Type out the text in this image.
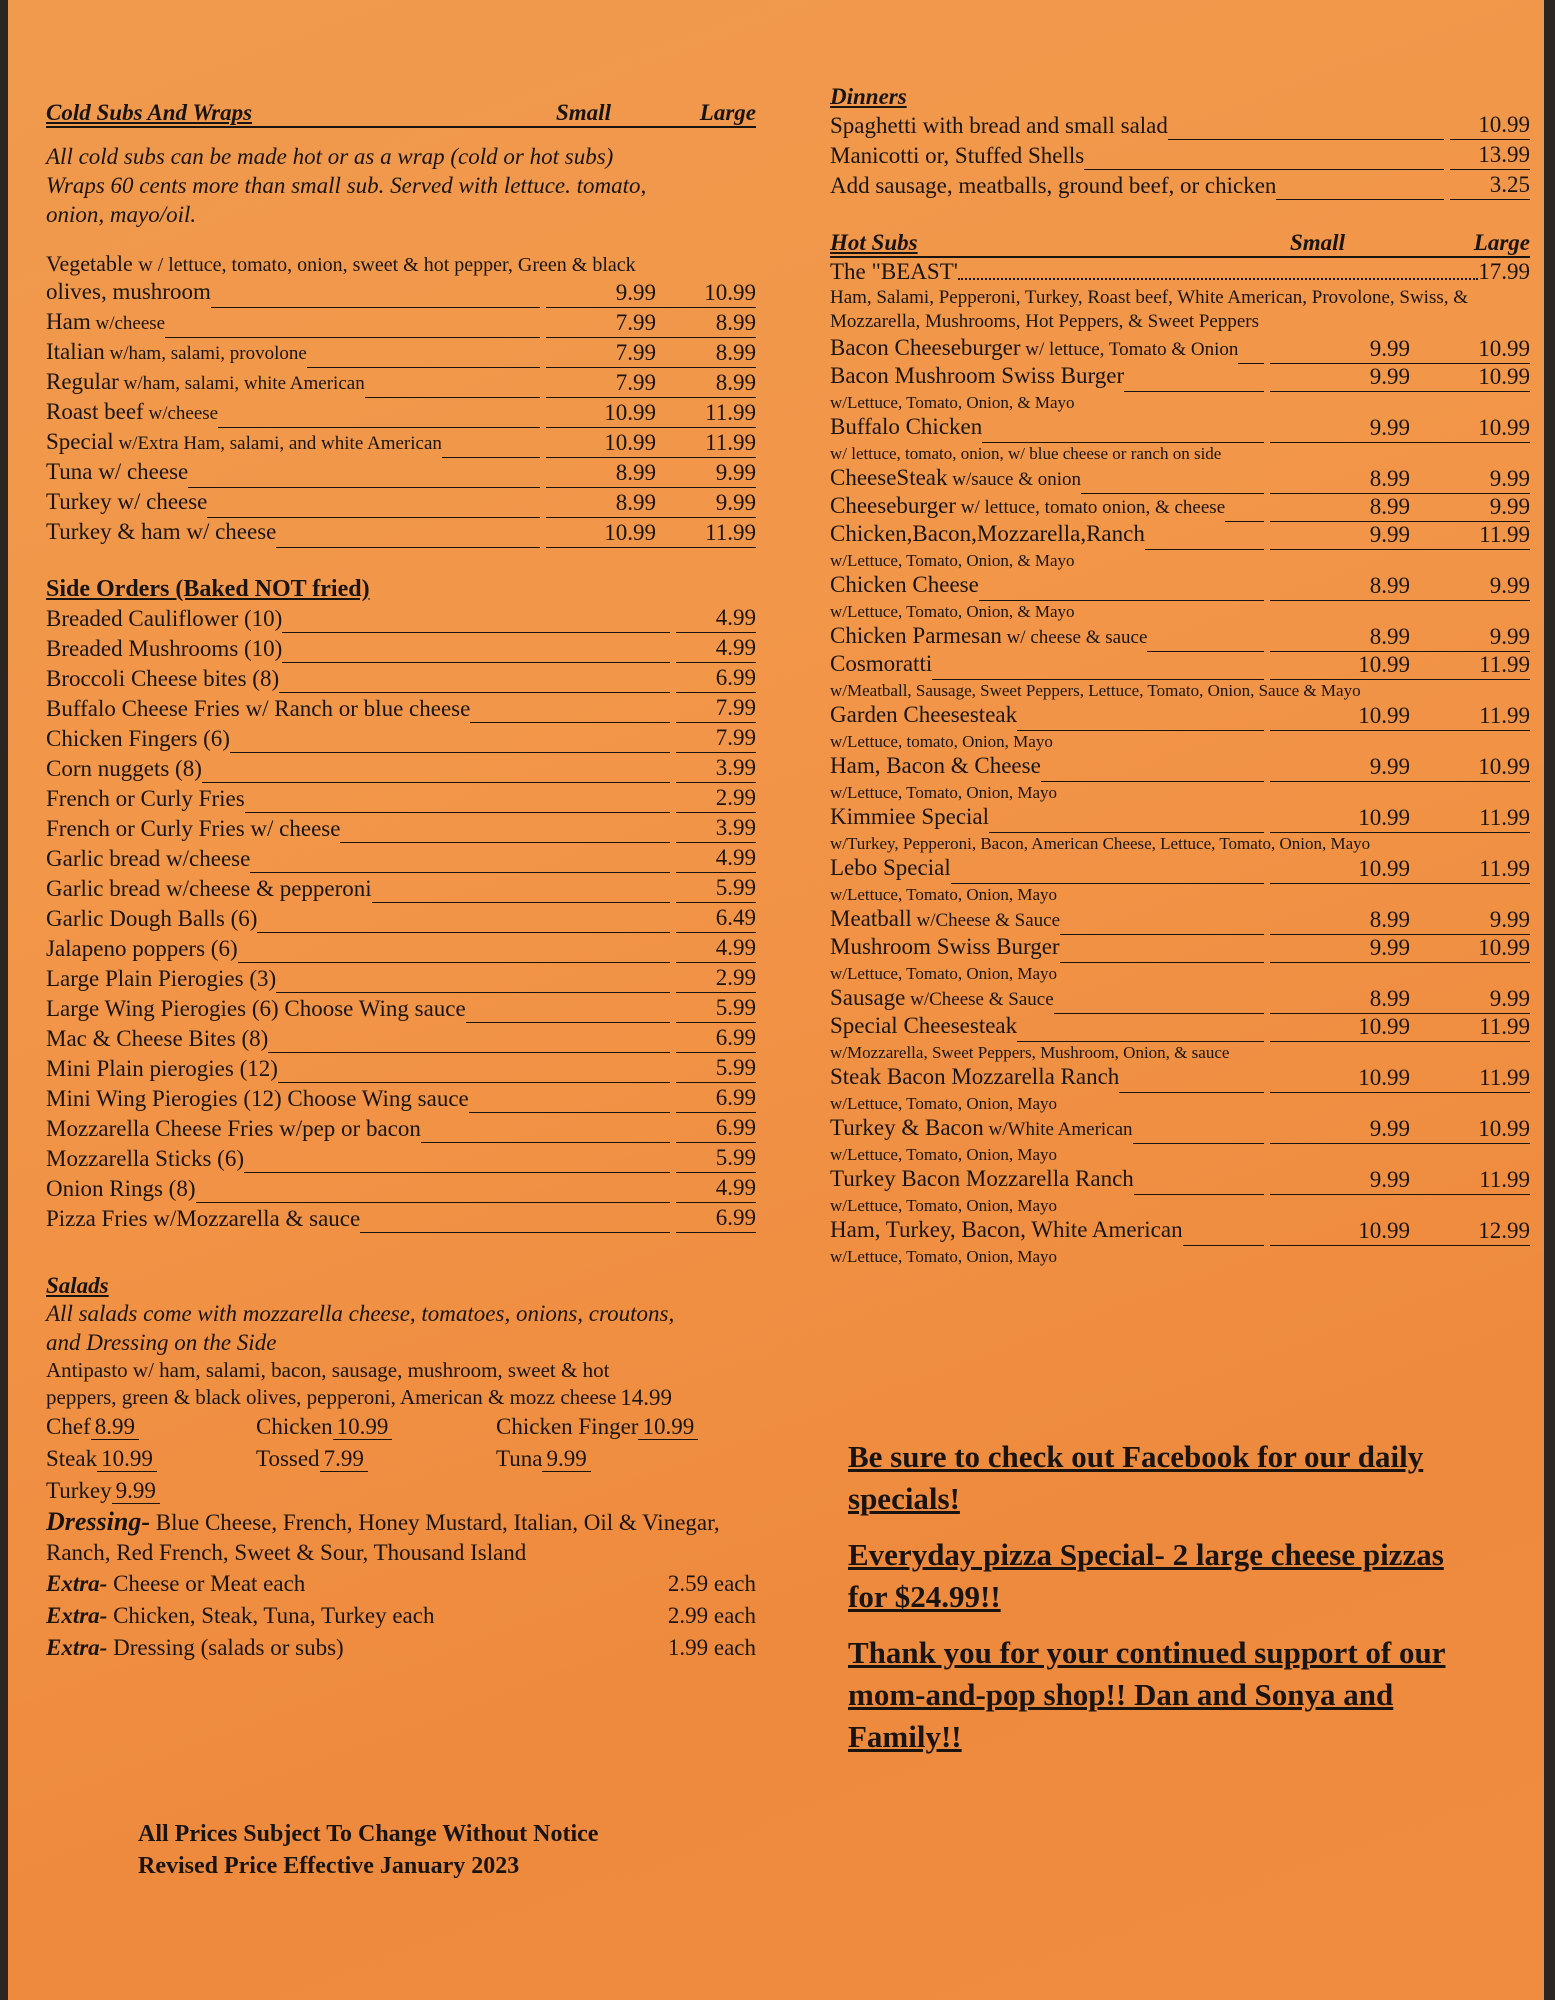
Cold Subs And Wraps	Small	Large
All cold subs can be made hot or as a wrap (cold or hot subs) Wraps 60 cents more than small sub. Served with lettuce. tomato, onion, mayo/oil.
Vegetable w / lettuce, tomato, onion, sweet & hot pepper, Green & black
olives, mushroom	9.99	10.99
Ham w/cheese	7.99	8.99
Italian w/ham, salami, provolone	7.99	8.99
Regular w/ham, salami, white American	7.99	8.99
Roast beef w/cheese	10.99	11.99
Special w/Extra Ham, salami, and white American	10.99	11.99
Tuna w/ cheese	8.99	9.99
Turkey w/ cheese	8.99	9.99
Turkey & ham w/ cheese	10.99	11.99
Side Orders (Baked NOT fried)
Breaded Cauliflower (10)	4.99
Breaded Mushrooms (10)	4.99
Broccoli Cheese bites (8)	6.99
Buffalo Cheese Fries w/ Ranch or blue cheese	7.99
Chicken Fingers (6)	7.99
Corn nuggets (8)	3.99
French or Curly Fries	2.99
French or Curly Fries w/ cheese	3.99
Garlic bread w/cheese	4.99
Garlic bread w/cheese & pepperoni	5.99
Garlic Dough Balls (6)	6.49
Jalapeno poppers (6)	4.99
Large Plain Pierogies (3)	2.99
Large Wing Pierogies (6) Choose Wing sauce	5.99
Mac & Cheese Bites (8)	6.99
Mini Plain pierogies (12)	5.99
Mini Wing Pierogies (12) Choose Wing sauce	6.99
Mozzarella Cheese Fries w/pep or bacon	6.99
Mozzarella Sticks (6)	5.99
Onion Rings (8)	4.99
Pizza Fries w/Mozzarella & sauce	6.99
Salads
All salads come with mozzarella cheese, tomatoes, onions, croutons, and Dressing on the Side
Antipasto w/ ham, salami, bacon, sausage, mushroom, sweet & hot
peppers, green & black olives, pepperoni, American & mozz cheese 14.99
Chef 8.99	Chicken 10.99	Chicken Finger 10.99
Steak 10.99	Tossed 7.99	Tuna 9.99
Turkey 9.99
Dressing- Blue Cheese, French, Honey Mustard, Italian, Oil & Vinegar, Ranch, Red French, Sweet & Sour, Thousand Island
Extra- Cheese or Meat each	2.59 each
Extra- Chicken, Steak, Tuna, Turkey each	2.99 each
Extra- Dressing (salads or subs)	1.99 each
All Prices Subject To Change Without Notice
Revised Price Effective January 2023
Dinners
Spaghetti with bread and small salad	10.99
Manicotti or, Stuffed Shells	13.99
Add sausage, meatballs, ground beef, or chicken	3.25
Hot Subs	Small	Large
The "BEAST'	17.99
Ham, Salami, Pepperoni, Turkey, Roast beef, White American, Provolone, Swiss, & Mozzarella, Mushrooms, Hot Peppers, & Sweet Peppers
Bacon Cheeseburger w/ lettuce, Tomato & Onion	9.99	10.99
Bacon Mushroom Swiss Burger	9.99	10.99
w/Lettuce, Tomato, Onion, & Mayo
Buffalo Chicken	9.99	10.99
w/ lettuce, tomato, onion, w/ blue cheese or ranch on side
CheeseSteak w/sauce & onion	8.99	9.99
Cheeseburger w/ lettuce, tomato onion, & cheese	8.99	9.99
Chicken,Bacon,Mozzarella,Ranch	9.99	11.99
w/Lettuce, Tomato, Onion, & Mayo
Chicken Cheese	8.99	9.99
w/Lettuce, Tomato, Onion, & Mayo
Chicken Parmesan w/ cheese & sauce	8.99	9.99
Cosmoratti	10.99	11.99
w/Meatball, Sausage, Sweet Peppers, Lettuce, Tomato, Onion, Sauce & Mayo
Garden Cheesesteak	10.99	11.99
w/Lettuce, tomato, Onion, Mayo
Ham, Bacon & Cheese	9.99	10.99
w/Lettuce, Tomato, Onion, Mayo
Kimmiee Special	10.99	11.99
w/Turkey, Pepperoni, Bacon, American Cheese, Lettuce, Tomato, Onion, Mayo
Lebo Special	10.99	11.99
w/Lettuce, Tomato, Onion, Mayo
Meatball w/Cheese & Sauce	8.99	9.99
Mushroom Swiss Burger	9.99	10.99
w/Lettuce, Tomato, Onion, Mayo
Sausage w/Cheese & Sauce	8.99	9.99
Special Cheesesteak	10.99	11.99
w/Mozzarella, Sweet Peppers, Mushroom, Onion, & sauce
Steak Bacon Mozzarella Ranch	10.99	11.99
w/Lettuce, Tomato, Onion, Mayo
Turkey & Bacon w/White American	9.99	10.99
w/Lettuce, Tomato, Onion, Mayo
Turkey Bacon Mozzarella Ranch	9.99	11.99
w/Lettuce, Tomato, Onion, Mayo
Ham, Turkey, Bacon, White American	10.99	12.99
w/Lettuce, Tomato, Onion, Mayo
Be sure to check out Facebook for our daily specials!
Everyday pizza Special- 2 large cheese pizzas for $24.99!!
Thank you for your continued support of our mom-and-pop shop!! Dan and Sonya and Family!!
